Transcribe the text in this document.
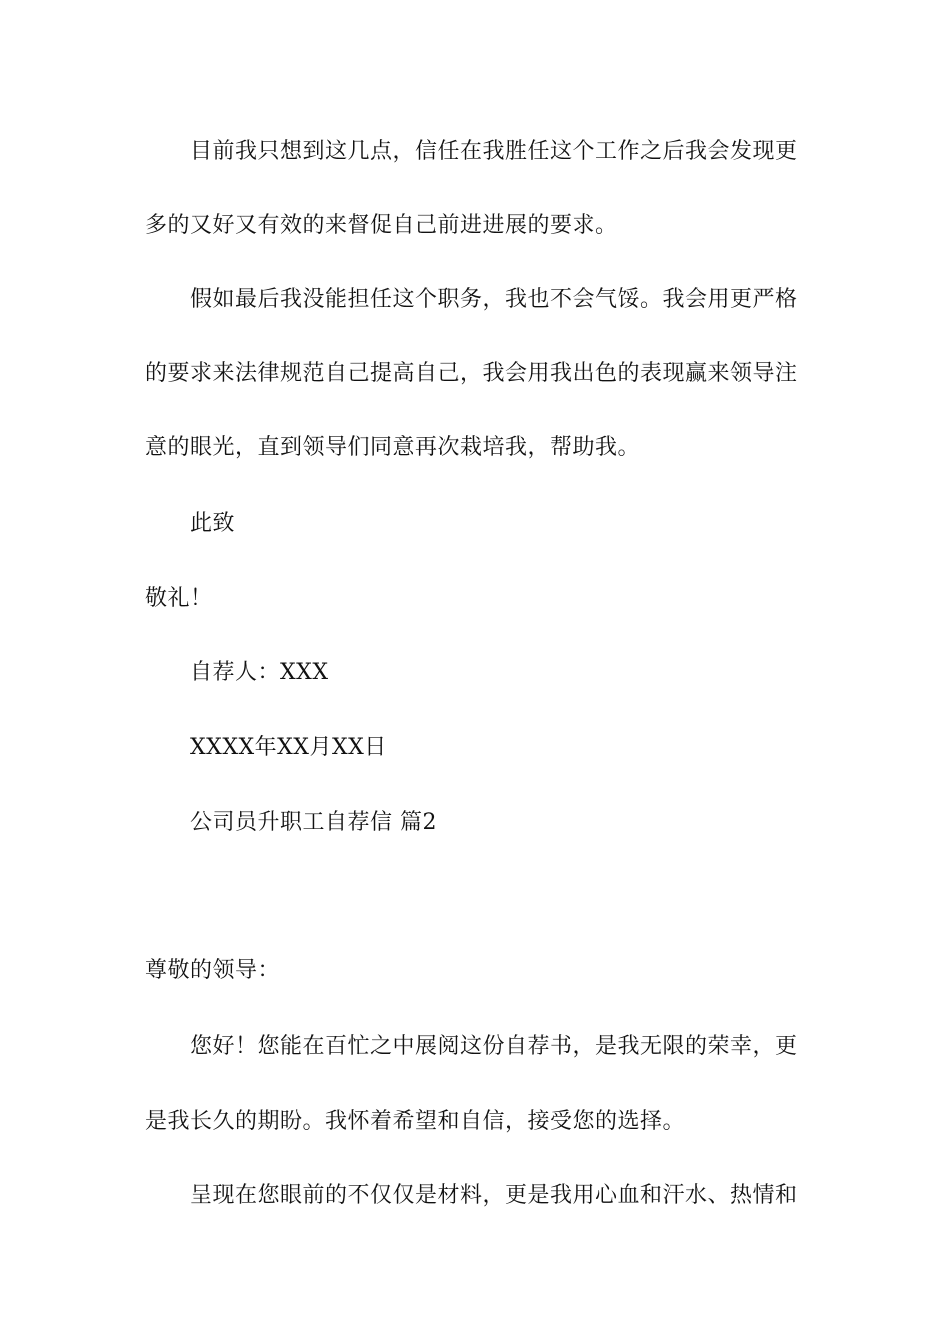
目前我只想到这几点，信任在我胜任这个工作之后我会发现更
多的又好又有效的来督促自己前进进展的要求。
假如最后我没能担任这个职务，我也不会气馁。我会用更严格
的要求来法律规范自己提高自己，我会用我出色的表现赢来领导注
意的眼光，直到领导们同意再次栽培我，帮助我。
此致
敬礼！
自荐人：XXX
XXXX年XX月XX日
公司员升职工自荐信 篇2
尊敬的领导：
您好！您能在百忙之中展阅这份自荐书，是我无限的荣幸，更
是我长久的期盼。我怀着希望和自信，接受您的选择。
呈现在您眼前的不仅仅是材料，更是我用心血和汗水、热情和
